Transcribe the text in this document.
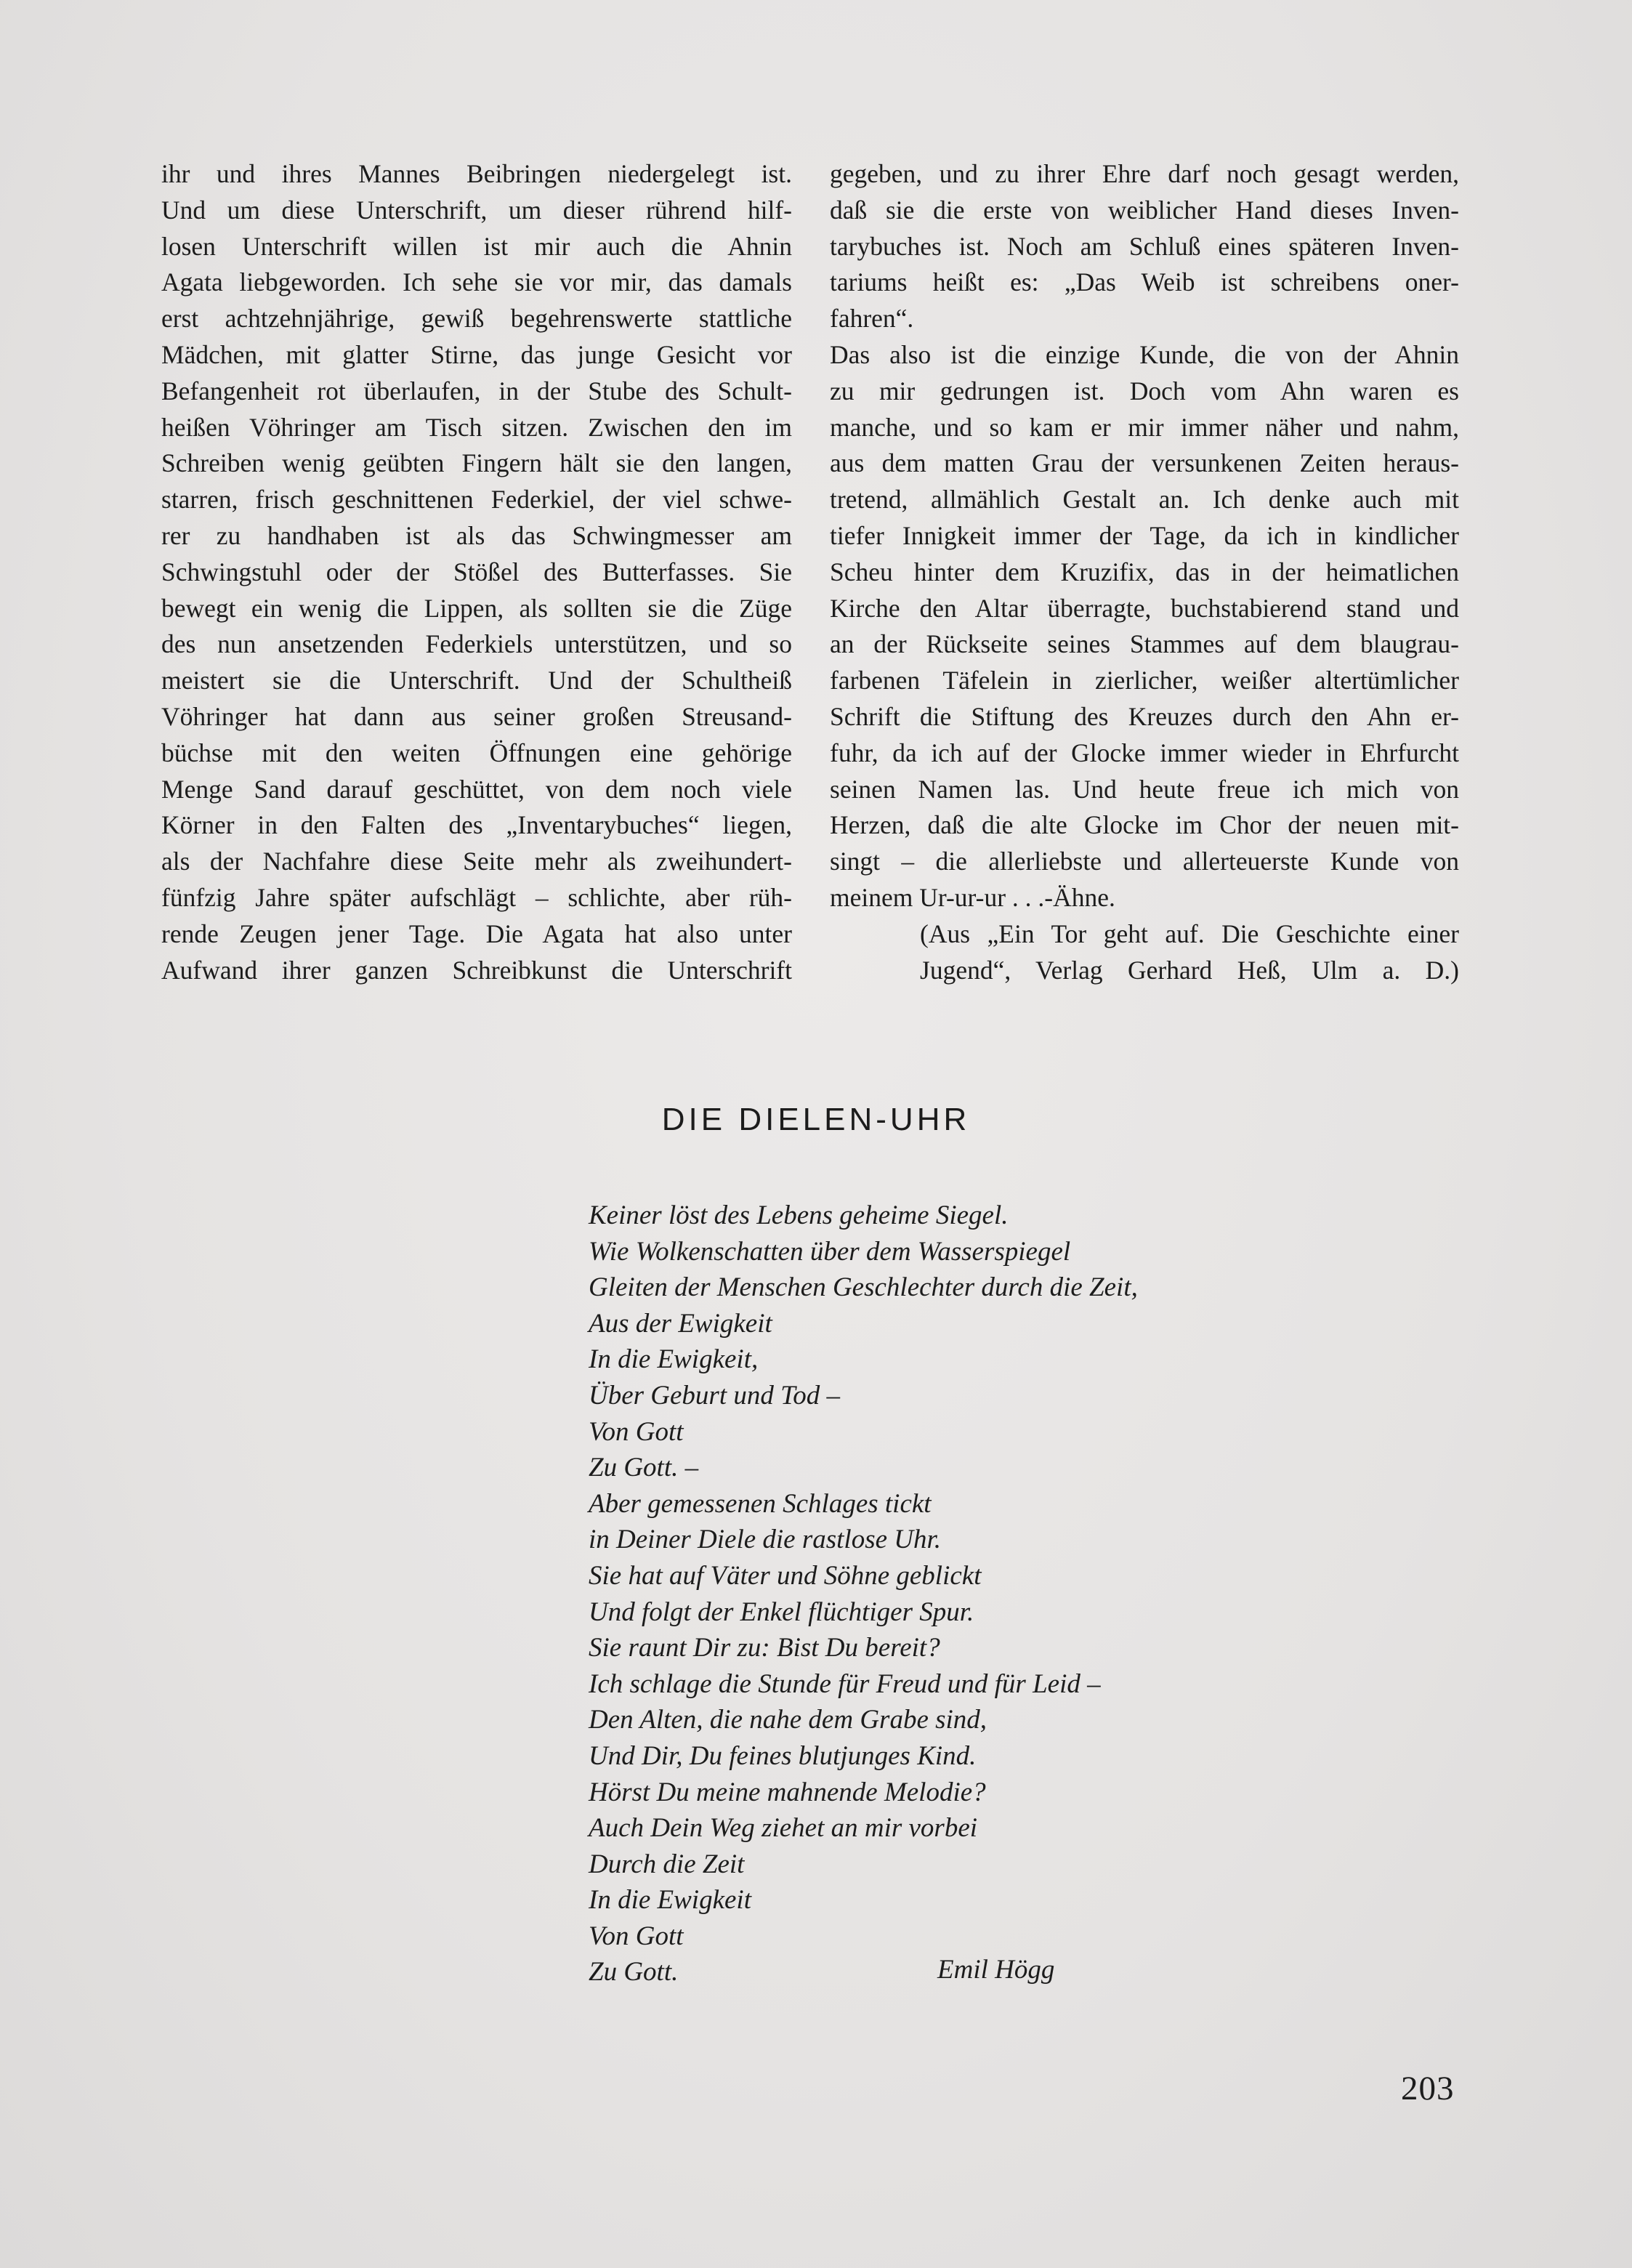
ihr und ihres Mannes Beibringen niedergelegt ist.
Und um diese Unterschrift, um dieser rührend hilf-
losen Unterschrift willen ist mir auch die Ahnin
Agata liebgeworden. Ich sehe sie vor mir, das damals
erst achtzehnjährige, gewiß begehrenswerte stattliche
Mädchen, mit glatter Stirne, das junge Gesicht vor
Befangenheit rot überlaufen, in der Stube des Schult-
heißen Vöhringer am Tisch sitzen. Zwischen den im
Schreiben wenig geübten Fingern hält sie den langen,
starren, frisch geschnittenen Federkiel, der viel schwe-
rer zu handhaben ist als das Schwingmesser am
Schwingstuhl oder der Stößel des Butterfasses. Sie
bewegt ein wenig die Lippen, als sollten sie die Züge
des nun ansetzenden Federkiels unterstützen, und so
meistert sie die Unterschrift. Und der Schultheiß
Vöhringer hat dann aus seiner großen Streusand-
büchse mit den weiten Öffnungen eine gehörige
Menge Sand darauf geschüttet, von dem noch viele
Körner in den Falten des „Inventarybuches“ liegen,
als der Nachfahre diese Seite mehr als zweihundert-
fünfzig Jahre später aufschlägt – schlichte, aber rüh-
rende Zeugen jener Tage. Die Agata hat also unter
Aufwand ihrer ganzen Schreibkunst die Unterschrift
gegeben, und zu ihrer Ehre darf noch gesagt werden,
daß sie die erste von weiblicher Hand dieses Inven-
tarybuches ist. Noch am Schluß eines späteren Inven-
tariums heißt es: „Das Weib ist schreibens oner-
fahren“.
Das also ist die einzige Kunde, die von der Ahnin
zu mir gedrungen ist. Doch vom Ahn waren es
manche, und so kam er mir immer näher und nahm,
aus dem matten Grau der versunkenen Zeiten heraus-
tretend, allmählich Gestalt an. Ich denke auch mit
tiefer Innigkeit immer der Tage, da ich in kindlicher
Scheu hinter dem Kruzifix, das in der heimatlichen
Kirche den Altar überragte, buchstabierend stand und
an der Rückseite seines Stammes auf dem blaugrau-
farbenen Täfelein in zierlicher, weißer altertümlicher
Schrift die Stiftung des Kreuzes durch den Ahn er-
fuhr, da ich auf der Glocke immer wieder in Ehrfurcht
seinen Namen las. Und heute freue ich mich von
Herzen, daß die alte Glocke im Chor der neuen mit-
singt – die allerliebste und allerteuerste Kunde von
meinem Ur-ur-ur . . .-Ähne.
(Aus „Ein Tor geht auf. Die Geschichte einer
Jugend“, Verlag Gerhard Heß, Ulm a. D.)
DIE DIELEN-UHR
Keiner löst des Lebens geheime Siegel.
Wie Wolkenschatten über dem Wasserspiegel
Gleiten der Menschen Geschlechter durch die Zeit,
Aus der Ewigkeit
In die Ewigkeit,
Über Geburt und Tod –
Von Gott
Zu Gott. –
Aber gemessenen Schlages tickt
in Deiner Diele die rastlose Uhr.
Sie hat auf Väter und Söhne geblickt
Und folgt der Enkel flüchtiger Spur.
Sie raunt Dir zu: Bist Du bereit?
Ich schlage die Stunde für Freud und für Leid –
Den Alten, die nahe dem Grabe sind,
Und Dir, Du feines blutjunges Kind.
Hörst Du meine mahnende Melodie?
Auch Dein Weg ziehet an mir vorbei
Durch die Zeit
In die Ewigkeit
Von Gott
Zu Gott.	Emil Högg
203
